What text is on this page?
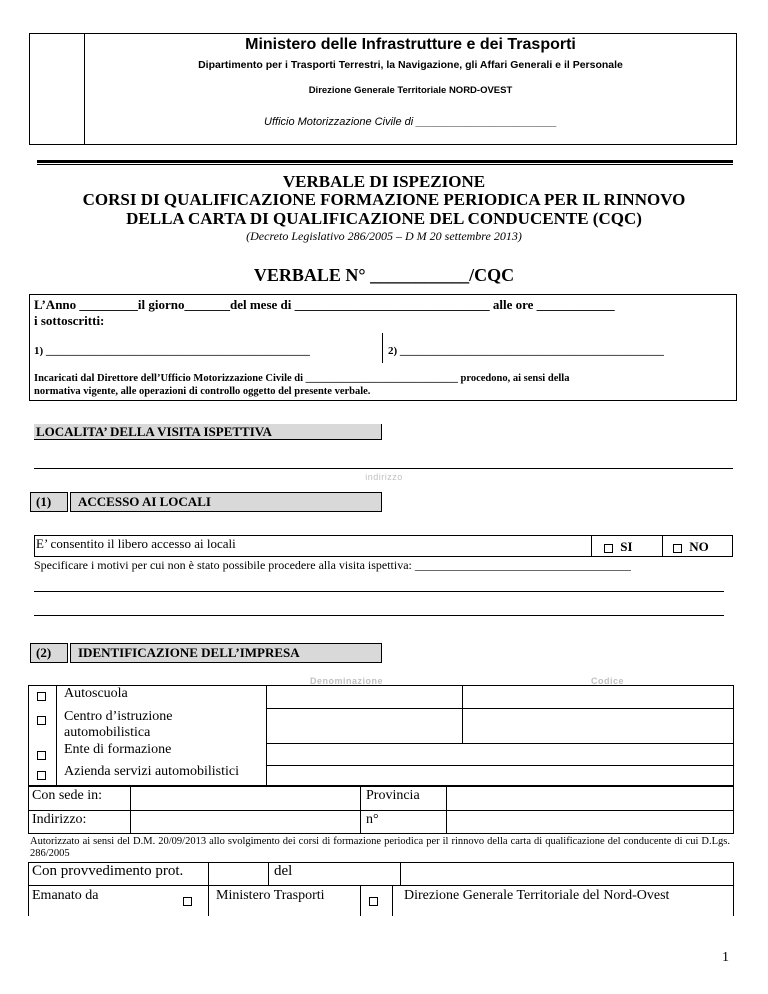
Ministero delle Infrastrutture e dei Trasporti
Dipartimento per i Trasporti Terrestri, la Navigazione, gli Affari Generali e il Personale
Direzione Generale Territoriale NORD-OVEST
Ufficio Motorizzazione Civile di _______________________
VERBALE DI ISPEZIONE
CORSI DI QUALIFICAZIONE FORMAZIONE PERIODICA PER IL RINNOVO
DELLA CARTA DI QUALIFICAZIONE DEL CONDUCENTE (CQC)
(Decreto Legislativo 286/2005 – D M 20 settembre 2013)
VERBALE N° ___________/CQC
L’Anno _________il giorno_______del mese di ______________________________ alle ore ____________
i sottoscritti:
1) ________________________________________________	2) ________________________________________________
Incaricati dal Direttore dell’Ufficio Motorizzazione Civile di _____________________________ procedono, ai sensi della
normativa vigente, alle operazioni di controllo oggetto del presente verbale.
LOCALITA’ DELLA VISITA ISPETTIVA
indirizzo
(1) ACCESSO AI LOCALI
E’ consentito il libero accesso ai locali	SI	NO
Specificare i motivi per cui non è stato possibile procedere alla visita ispettiva: ____________________________________
(2) IDENTIFICAZIONE DELL’IMPRESA
Denominazione	Codice
Autoscuola
Centro d’istruzione automobilistica
Ente di formazione
Azienda servizi automobilistici
Con sede in:	Provincia
Indirizzo:	n°
Autorizzato ai sensi del D.M. 20/09/2013 allo svolgimento dei corsi di formazione periodica per il rinnovo della carta di qualificazione del conducente di cui D.Lgs. 286/2005
Con provvedimento prot.	del
Emanato da	Ministero Trasporti	Direzione Generale Territoriale del Nord-Ovest
1
